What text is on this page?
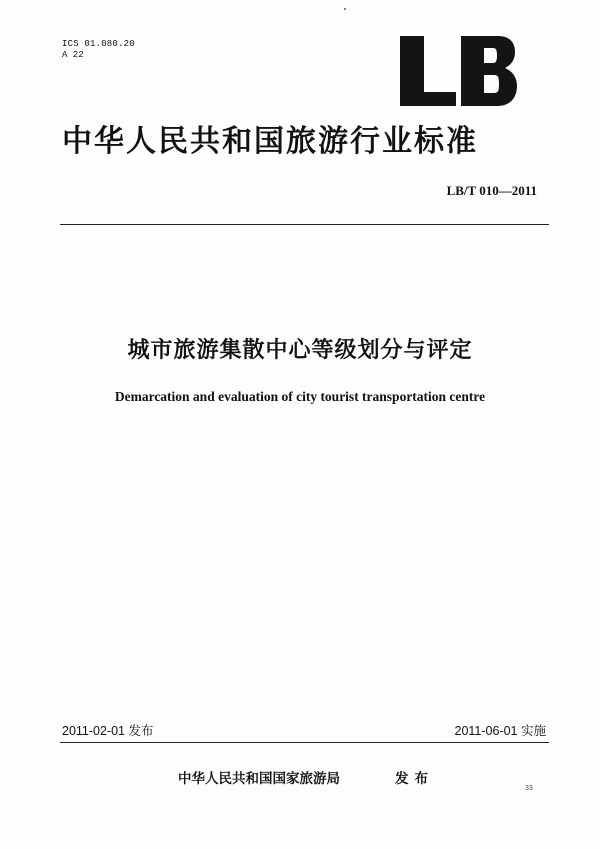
ICS 01.080.20
A 22
中华人民共和国旅游行业标准
LB/T 010—2011
城市旅游集散中心等级划分与评定
Demarcation and evaluation of city tourist transportation centre
2011-02-01 发布	2011-06-01 实施
中华人民共和国国家旅游局	发布
33
